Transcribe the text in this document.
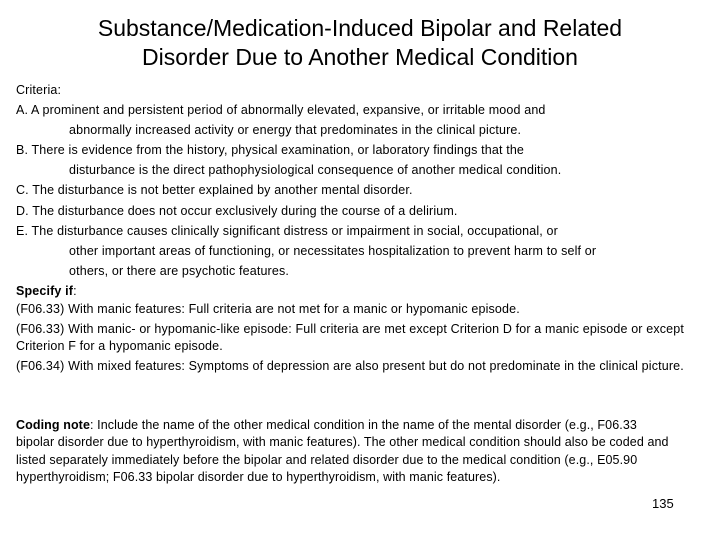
Substance/Medication-Induced Bipolar and Related
Disorder Due to Another Medical Condition
Criteria:
A. A prominent and persistent period of abnormally elevated, expansive, or irritable mood and
abnormally increased activity or energy that predominates in the clinical picture.
B. There is evidence from the history, physical examination, or laboratory findings that the
disturbance is the direct pathophysiological consequence of another medical condition.
C. The disturbance is not better explained by another mental disorder.
D. The disturbance does not occur exclusively during the course of a delirium.
E. The disturbance causes clinically significant distress or impairment in social, occupational, or
other important areas of functioning, or necessitates hospitalization to prevent harm to self or
others, or there are psychotic features.
Specify if:
(F06.33) With manic features: Full criteria are not met for a manic or hypomanic episode.
(F06.33) With manic- or hypomanic-like episode: Full criteria are met except Criterion D for a manic episode or except Criterion F for a hypomanic episode.
(F06.34) With mixed features: Symptoms of depression are also present but do not predominate in the clinical picture.
Coding note: Include the name of the other medical condition in the name of the mental disorder (e.g., F06.33 bipolar disorder due to hyperthyroidism, with manic features). The other medical condition should also be coded and listed separately immediately before the bipolar and related disorder due to the medical condition (e.g., E05.90 hyperthyroidism; F06.33 bipolar disorder due to hyperthyroidism, with manic features).
135
